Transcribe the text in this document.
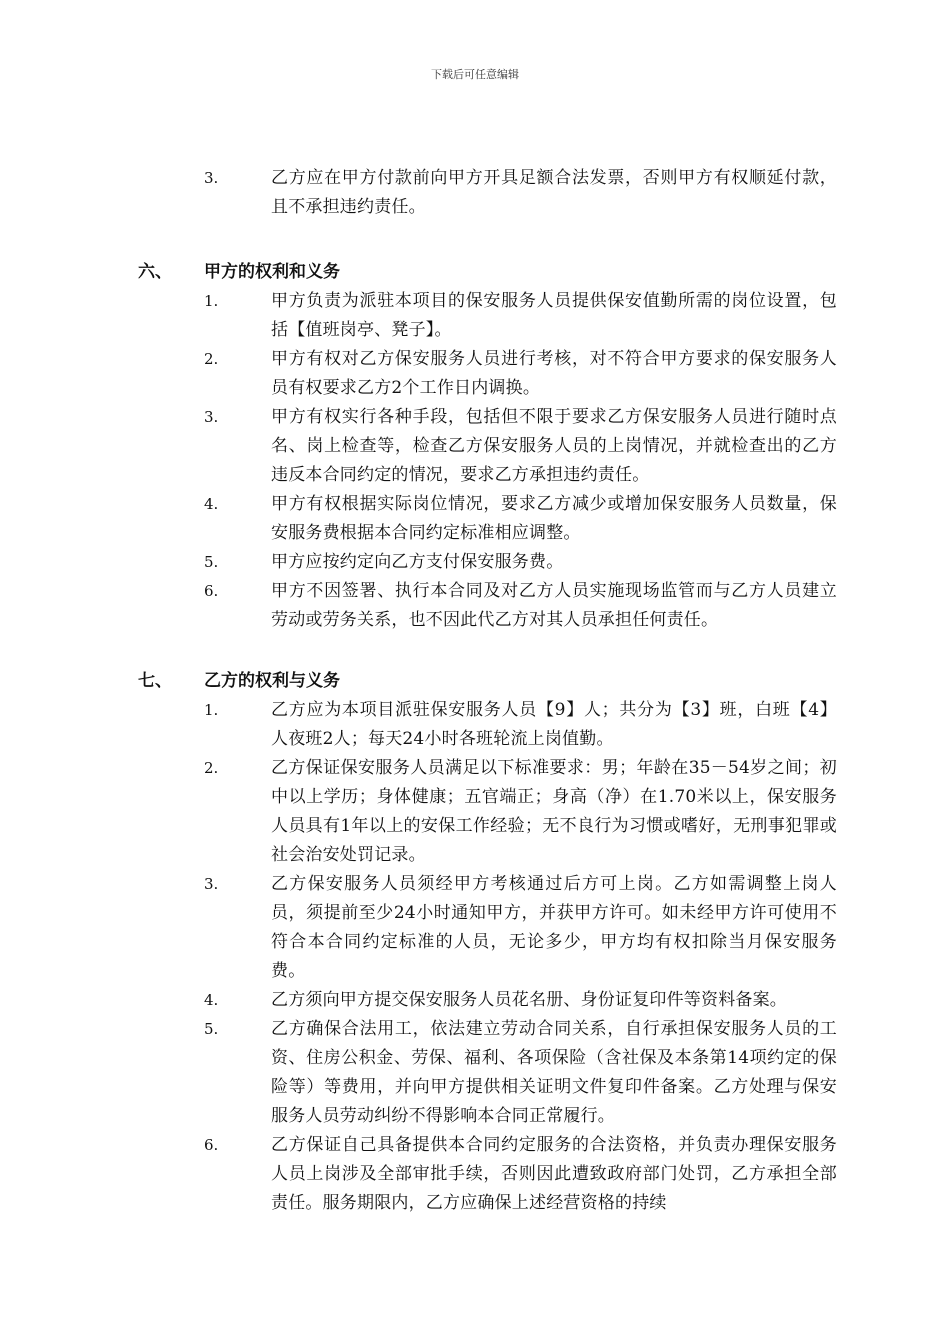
下载后可任意编辑
3.	乙方应在甲方付款前向甲方开具足额合法发票，否则甲方有权顺延付款，且不承担违约责任。
六、 甲方的权利和义务
1.	甲方负责为派驻本项目的保安服务人员提供保安值勤所需的岗位设置，包括【值班岗亭、凳子】。
2.	甲方有权对乙方保安服务人员进行考核，对不符合甲方要求的保安服务人员有权要求乙方2个工作日内调换。
3.	甲方有权实行各种手段，包括但不限于要求乙方保安服务人员进行随时点名、岗上检查等，检查乙方保安服务人员的上岗情况，并就检查出的乙方违反本合同约定的情况，要求乙方承担违约责任。
4.	甲方有权根据实际岗位情况，要求乙方减少或增加保安服务人员数量，保安服务费根据本合同约定标准相应调整。
5.	甲方应按约定向乙方支付保安服务费。
6.	甲方不因签署、执行本合同及对乙方人员实施现场监管而与乙方人员建立劳动或劳务关系，也不因此代乙方对其人员承担任何责任。
七、 乙方的权利与义务
1.	乙方应为本项目派驻保安服务人员【9】人；共分为【3】班，白班【4】人夜班2人；每天24小时各班轮流上岗值勤。
2.	乙方保证保安服务人员满足以下标准要求：男；年龄在35－54岁之间；初中以上学历；身体健康；五官端正；身高（净）在1.70米以上，保安服务人员具有1年以上的安保工作经验；无不良行为习惯或嗜好，无刑事犯罪或社会治安处罚记录。
3.	乙方保安服务人员须经甲方考核通过后方可上岗。乙方如需调整上岗人员，须提前至少24小时通知甲方，并获甲方许可。如未经甲方许可使用不符合本合同约定标准的人员，无论多少，甲方均有权扣除当月保安服务费。
4.	乙方须向甲方提交保安服务人员花名册、身份证复印件等资料备案。
5.	乙方确保合法用工，依法建立劳动合同关系，自行承担保安服务人员的工资、住房公积金、劳保、福利、各项保险（含社保及本条第14项约定的保险等）等费用，并向甲方提供相关证明文件复印件备案。乙方处理与保安服务人员劳动纠纷不得影响本合同正常履行。
6.	乙方保证自己具备提供本合同约定服务的合法资格，并负责办理保安服务人员上岗涉及全部审批手续，否则因此遭致政府部门处罚，乙方承担全部责任。服务期限内，乙方应确保上述经营资格的持续
